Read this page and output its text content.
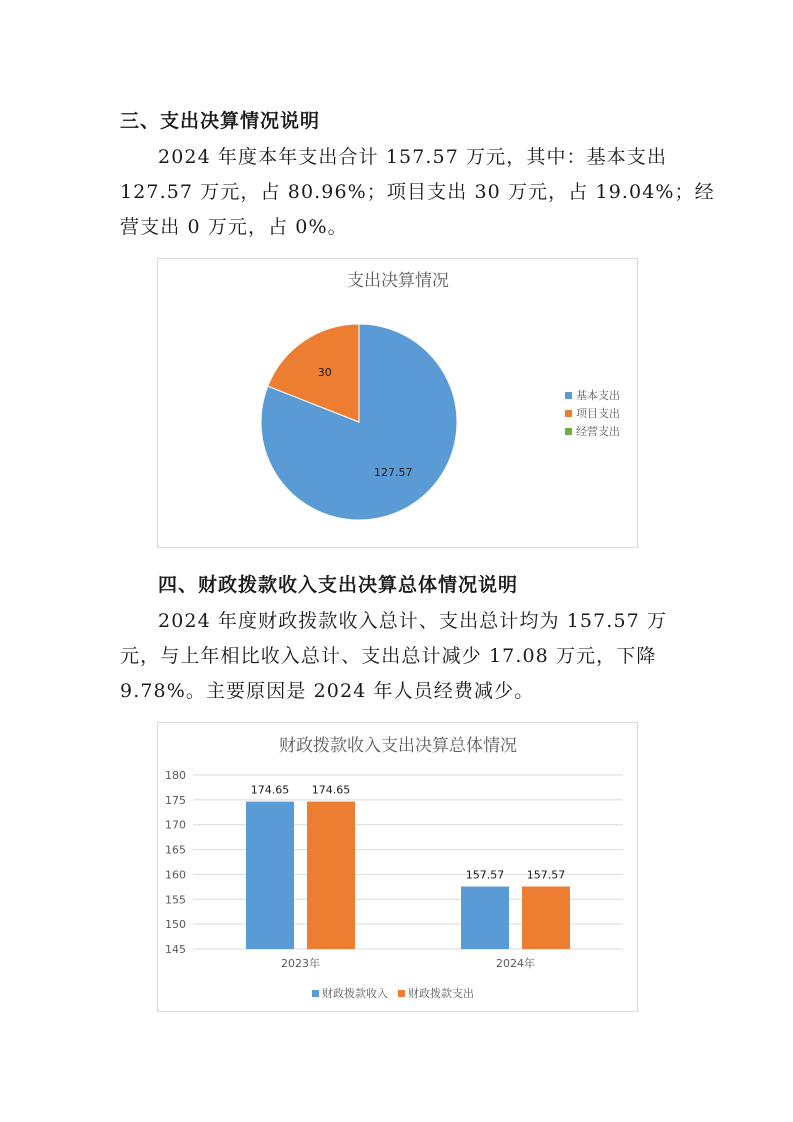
三、支出决算情况说明
2024 年度本年支出合计 157.57 万元，其中：基本支出
127.57 万元，占 80.96%；项目支出 30 万元，占 19.04%；经
营支出 0 万元，占 0%。
支出决算情况
127.57
30
基本支出
项目支出
经营支出
四、财政拨款收入支出决算总体情况说明
2024 年度财政拨款收入总计、支出总计均为 157.57 万
元，与上年相比收入总计、支出总计减少 17.08 万元，下降
9.78%。主要原因是 2024 年人员经费减少。
财政拨款收入支出决算总体情况
145
150
155
160
165
170
175
180
174.65 174.65
2023年
157.57 157.57
2024年
财政拨款收入 财政拨款支出
